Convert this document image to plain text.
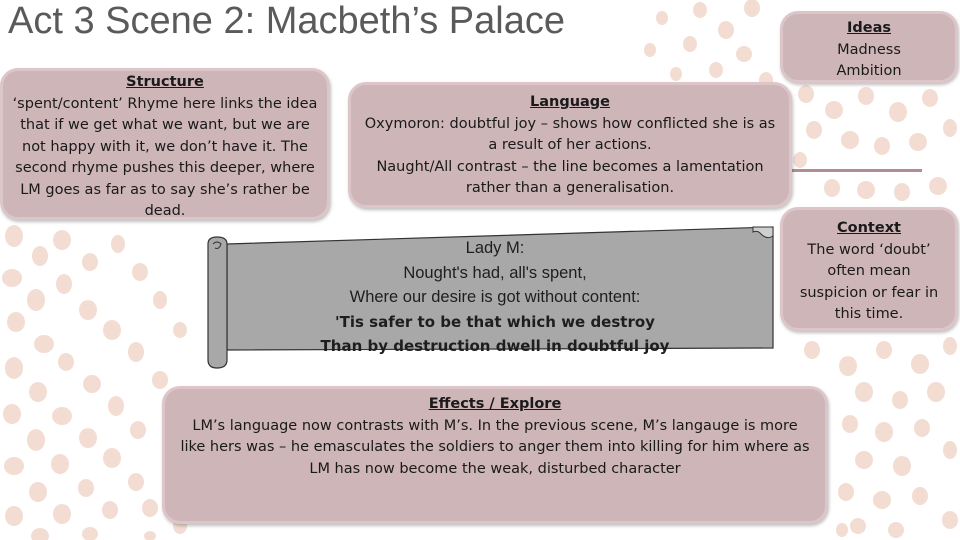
Act 3 Scene 2: Macbeth’s Palace	Ideas

Madness

Ambition

Structure

‘spent/content’ Rhyme here links the idea that if we get what we want, but we are not happy with it, we don’t have it. The second rhyme pushes this deeper, where LM goes as far as to say she’s rather be dead.

Language

Oxymoron: doubtful joy – shows how conflicted she is as a result of her actions.

Naught/All contrast – the line becomes a lamentation rather than a generalisation.

Context

The word ‘doubt’ often mean suspicion or fear in this time.

Lady M:
Nought's had, all's spent,
Where our desire is got without content:
'Tis safer to be that which we destroy
Than by destruction dwell in doubtful joy
Effects / Explore

LM’s language now contrasts with M’s. In the previous scene, M’s langauge is more like hers was – he emasculates the soldiers to anger them into killing for him where as LM has now become the weak, disturbed character
